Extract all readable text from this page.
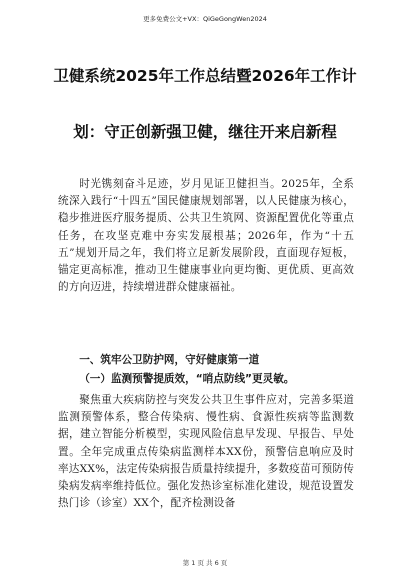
更多免费公文+VX：QiGeGongWen2024
卫健系统2025年工作总结暨2026年工作计
划：守正创新强卫健，继往开来启新程

时光镌刻奋斗足迹，岁月见证卫健担当。2025年，全系统深入践行“十四五”国民健康规划部署，以人民健康为核心，稳步推进医疗服务提质、公共卫生筑网、资源配置优化等重点任务，在攻坚克难中夯实发展根基；2026年，作为“十五五”规划开局之年，我们将立足新发展阶段，直面现存短板，锚定更高标准，推动卫生健康事业向更均衡、更优质、更高效的方向迈进，持续增进群众健康福祉。

一、筑牢公卫防护网，守好健康第一道
（一）监测预警提质效，“哨点防线”更灵敏。

聚焦重大疾病防控与突发公共卫生事件应对，完善多渠道监测预警体系，整合传染病、慢性病、食源性疾病等监测数据，建立智能分析模型，实现风险信息早发现、早报告、早处置。全年完成重点传染病监测样本XX份，预警信息响应及时率达XX%，法定传染病报告质量持续提升，多数疫苗可预防传染病发病率维持低位。强化发热诊室标准化建设，规范设置发热门诊（诊室）XX个，配齐检测设备

第 1 页 共 6 页
